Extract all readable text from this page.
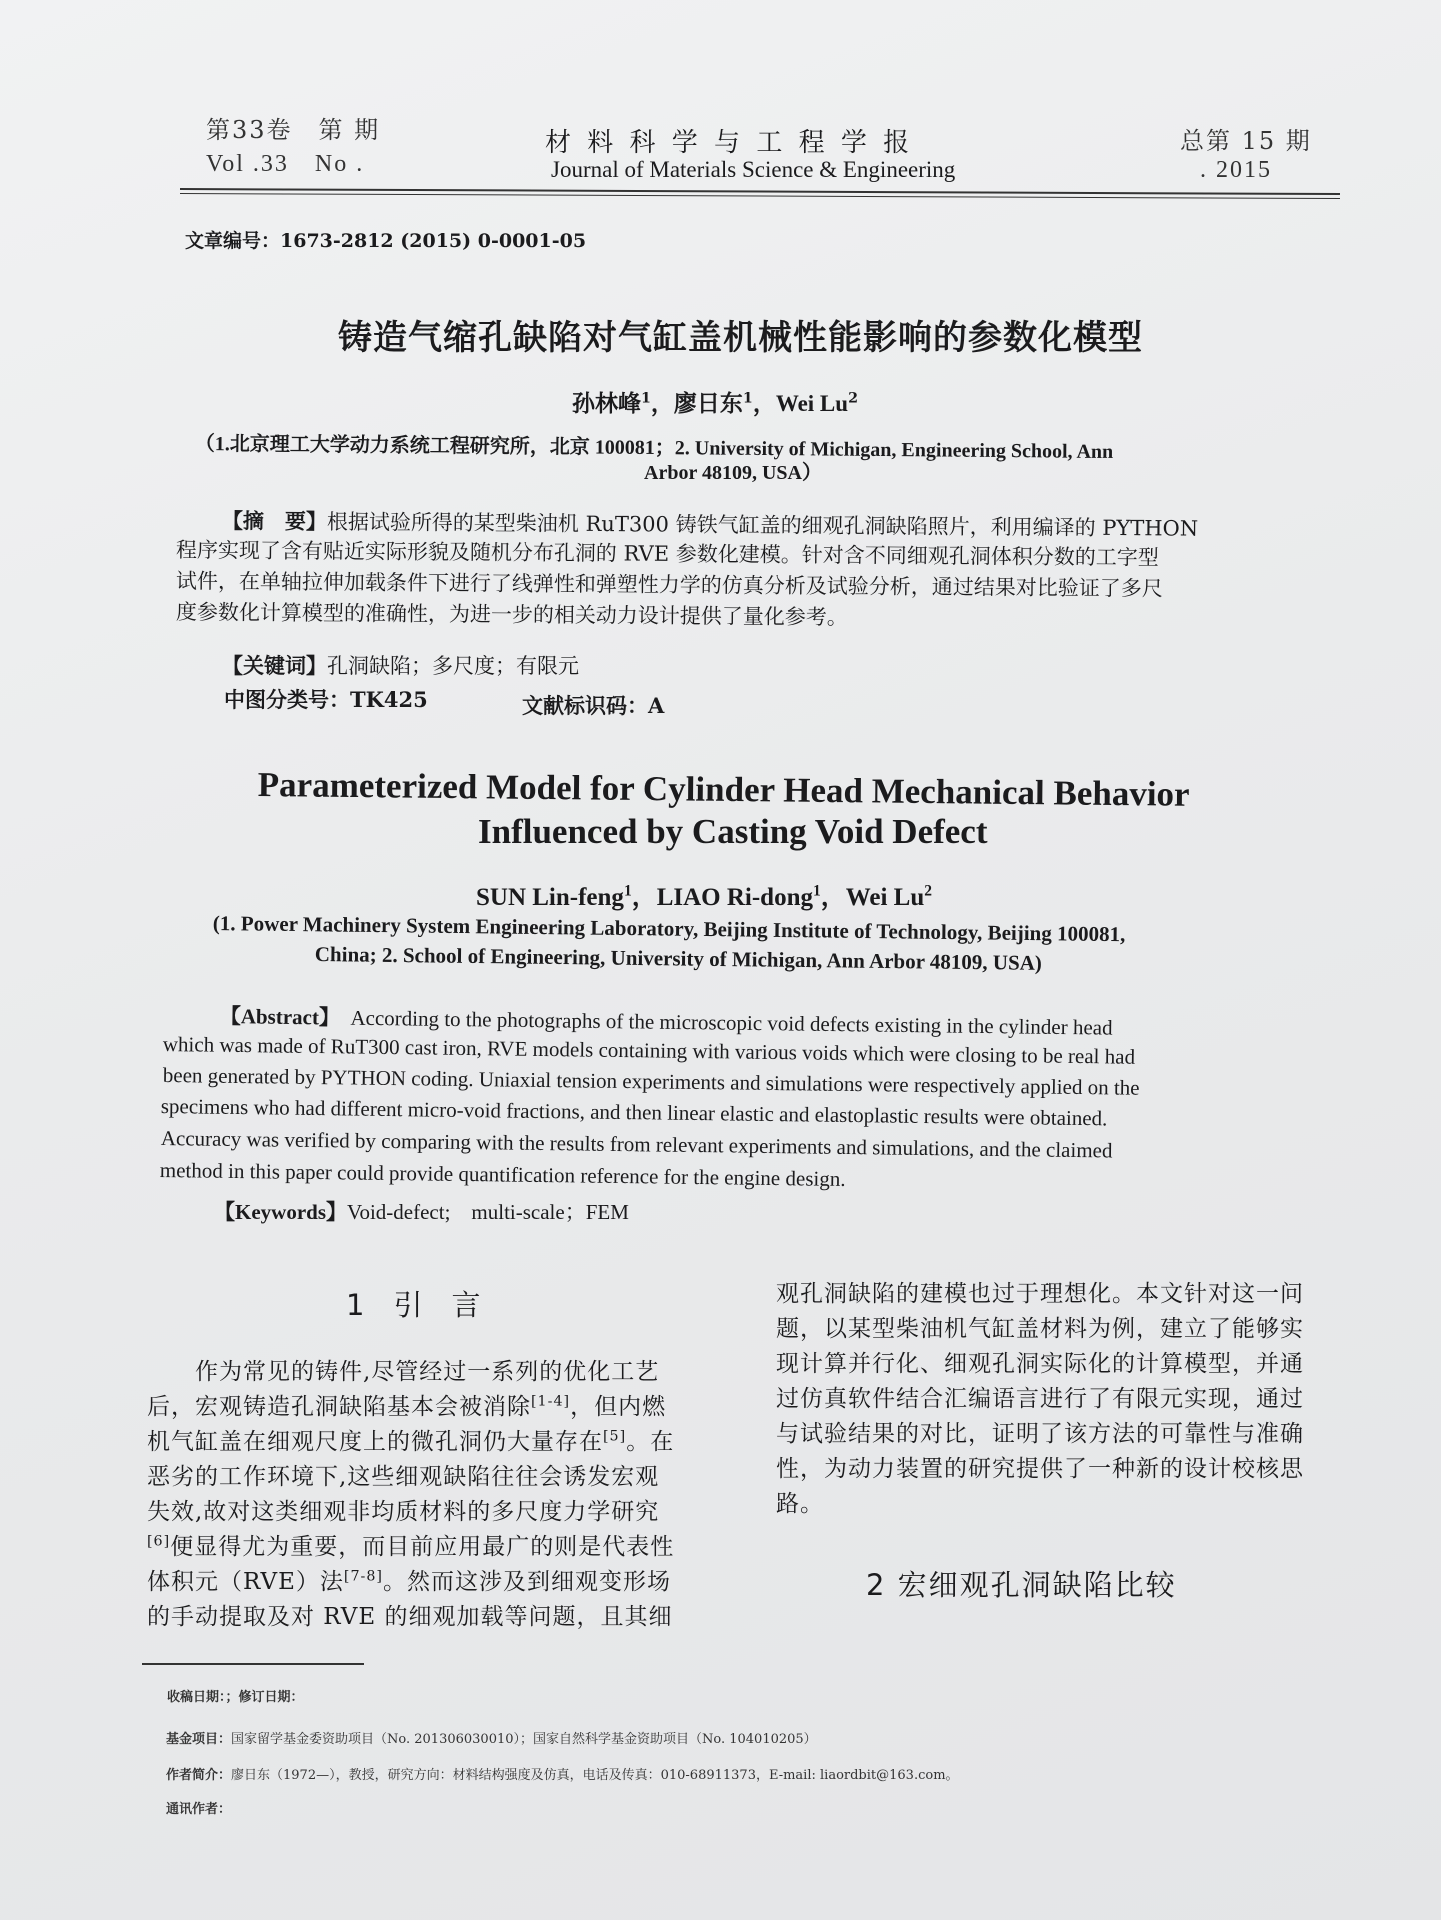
第33卷　第 期
Vol .33　No .
材 料 科 学 与 工 程 学 报
Journal of Materials Science & Engineering
总第 15 期
. 2015
文章编号：1673-2812 (2015) 0-0001-05
铸造气缩孔缺陷对气缸盖机械性能影响的参数化模型
孙林峰$^1$，廖日东$^1$，Wei Lu$^2$
（1.北京理工大学动力系统工程研究所，北京 100081；2. University of Michigan, Engineering School, Ann
Arbor 48109, USA）
【摘　要】根据试验所得的某型柴油机 RuT300 铸铁气缸盖的细观孔洞缺陷照片，利用编译的 PYTHON
程序实现了含有贴近实际形貌及随机分布孔洞的 RVE 参数化建模。针对含不同细观孔洞体积分数的工字型
试件，在单轴拉伸加载条件下进行了线弹性和弹塑性力学的仿真分析及试验分析，通过结果对比验证了多尺
度参数化计算模型的准确性，为进一步的相关动力设计提供了量化参考。
【关键词】孔洞缺陷；多尺度；有限元
中图分类号：TK425	文献标识码：A
Parameterized Model for Cylinder Head Mechanical Behavior
Influenced by Casting Void Defect
SUN Lin-feng$^1$，LIAO Ri-dong$^1$，Wei Lu$^2$
(1. Power Machinery System Engineering Laboratory, Beijing Institute of Technology, Beijing 100081,
China; 2. School of Engineering, University of Michigan, Ann Arbor 48109, USA)
【Abstract】 According to the photographs of the microscopic void defects existing in the cylinder head
which was made of RuT300 cast iron, RVE models containing with various voids which were closing to be real had
been generated by PYTHON coding. Uniaxial tension experiments and simulations were respectively applied on the
specimens who had different micro-void fractions, and then linear elastic and elastoplastic results were obtained.
Accuracy was verified by comparing with the results from relevant experiments and simulations, and the claimed
method in this paper could provide quantification reference for the engine design.
【Keywords】Void-defect;　multi-scale；FEM
1　引　言
作为常见的铸件,尽管经过一系列的优化工艺
后，宏观铸造孔洞缺陷基本会被消除[1-4]，但内燃
机气缸盖在细观尺度上的微孔洞仍大量存在[5]。在
恶劣的工作环境下,这些细观缺陷往往会诱发宏观
失效,故对这类细观非均质材料的多尺度力学研究
[6]便显得尤为重要，而目前应用最广的则是代表性
体积元（RVE）法[7-8]。然而这涉及到细观变形场
的手动提取及对 RVE 的细观加载等问题，且其细
观孔洞缺陷的建模也过于理想化。本文针对这一问
题，以某型柴油机气缸盖材料为例，建立了能够实
现计算并行化、细观孔洞实际化的计算模型，并通
过仿真软件结合汇编语言进行了有限元实现，通过
与试验结果的对比，证明了该方法的可靠性与准确
性，为动力装置的研究提供了一种新的设计校核思
路。
2 宏细观孔洞缺陷比较
收稿日期：；修订日期：
基金项目：国家留学基金委资助项目（No. 201306030010）；国家自然科学基金资助项目（No. 104010205）
作者简介：廖日东（1972—），教授，研究方向：材料结构强度及仿真，电话及传真：010-68911373，E-mail: liaordbit@163.com。
通讯作者：
